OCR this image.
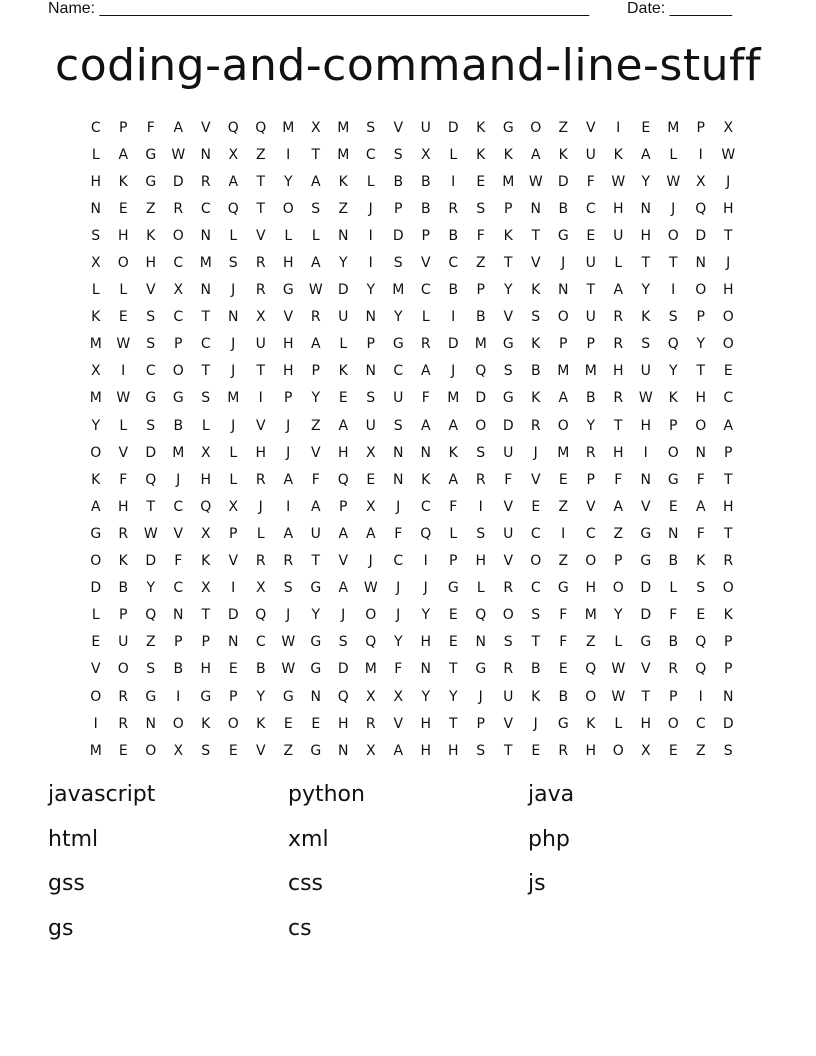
Name: _______________________________________________________ Date: _______
coding-and-command-line-stuff
C	P	F	A	V	Q	Q	M	X	M	S	V	U	D	K	G	O	Z	V	I	E	M	P	X
L	A	G	W	N	X	Z	I	T	M	C	S	X	L	K	K	A	K	U	K	A	L	I	W
H	K	G	D	R	A	T	Y	A	K	L	B	B	I	E	M	W	D	F	W	Y	W	X	J
N	E	Z	R	C	Q	T	O	S	Z	J	P	B	R	S	P	N	B	C	H	N	J	Q	H
S	H	K	O	N	L	V	L	L	N	I	D	P	B	F	K	T	G	E	U	H	O	D	T
X	O	H	C	M	S	R	H	A	Y	I	S	V	C	Z	T	V	J	U	L	T	T	N	J
L	L	V	X	N	J	R	G	W	D	Y	M	C	B	P	Y	K	N	T	A	Y	I	O	H
K	E	S	C	T	N	X	V	R	U	N	Y	L	I	B	V	S	O	U	R	K	S	P	O
M	W	S	P	C	J	U	H	A	L	P	G	R	D	M	G	K	P	P	R	S	Q	Y	O
X	I	C	O	T	J	T	H	P	K	N	C	A	J	Q	S	B	M	M	H	U	Y	T	E
M	W	G	G	S	M	I	P	Y	E	S	U	F	M	D	G	K	A	B	R	W	K	H	C
Y	L	S	B	L	J	V	J	Z	A	U	S	A	A	O	D	R	O	Y	T	H	P	O	A
O	V	D	M	X	L	H	J	V	H	X	N	N	K	S	U	J	M	R	H	I	O	N	P
K	F	Q	J	H	L	R	A	F	Q	E	N	K	A	R	F	V	E	P	F	N	G	F	T
A	H	T	C	Q	X	J	I	A	P	X	J	C	F	I	V	E	Z	V	A	V	E	A	H
G	R	W	V	X	P	L	A	U	A	A	F	Q	L	S	U	C	I	C	Z	G	N	F	T
O	K	D	F	K	V	R	R	T	V	J	C	I	P	H	V	O	Z	O	P	G	B	K	R
D	B	Y	C	X	I	X	S	G	A	W	J	J	G	L	R	C	G	H	O	D	L	S	O
L	P	Q	N	T	D	Q	J	Y	J	O	J	Y	E	Q	O	S	F	M	Y	D	F	E	K
E	U	Z	P	P	N	C	W	G	S	Q	Y	H	E	N	S	T	F	Z	L	G	B	Q	P
V	O	S	B	H	E	B	W	G	D	M	F	N	T	G	R	B	E	Q	W	V	R	Q	P
O	R	G	I	G	P	Y	G	N	Q	X	X	Y	Y	J	U	K	B	O	W	T	P	I	N
I	R	N	O	K	O	K	E	E	H	R	V	H	T	P	V	J	G	K	L	H	O	C	D
M	E	O	X	S	E	V	Z	G	N	X	A	H	H	S	T	E	R	H	O	X	E	Z	S
javascript	python	java
html	xml	php
gss	css	js
gs	cs
